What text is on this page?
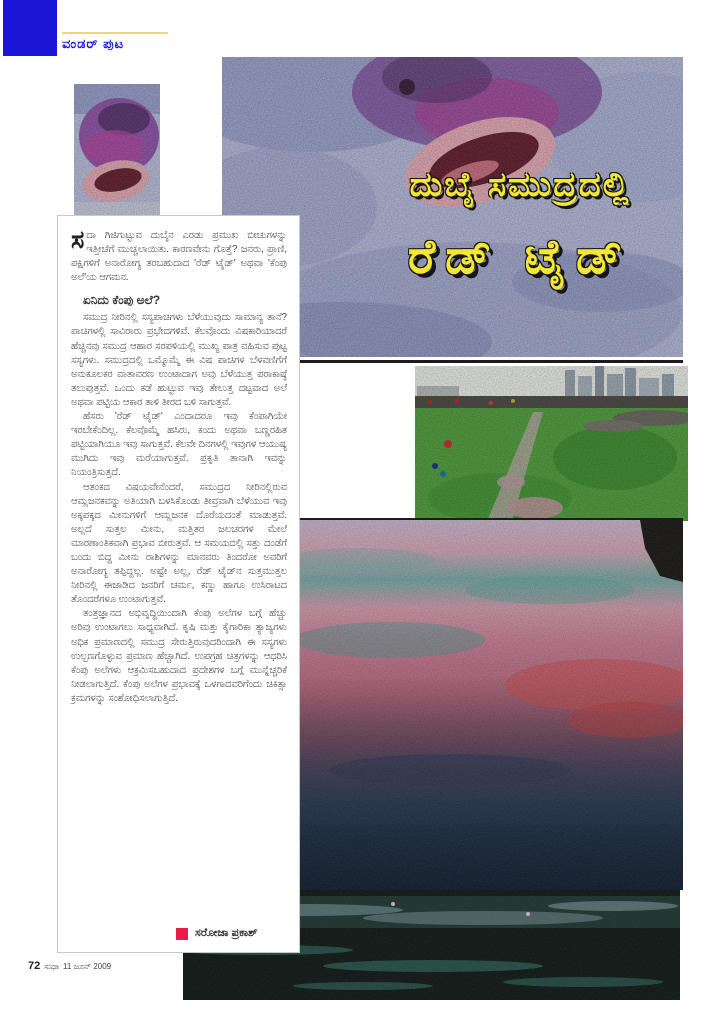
ವಂಡರ್ ಪುಟ
ದುಬೈ ಸಮುದ್ರದಲ್ಲಿ
ರೆಡ್ ಟೈಡ್

ಸದಾ ಗಿಜಿಗುಟ್ಟುವ ದುಬೈನ ಎರಡು ಪ್ರಮುಖ ಬೀಚುಗಳನ್ನು ಇತ್ತೀಚೆಗೆ ಮುಚ್ಚಲಾಯಿತು. ಕಾರಣವೇನು ಗೊತ್ತೆ? ಜನರು, ಪ್ರಾಣಿ, ಪಕ್ಷಿಗಳಿಗೆ ಅನಾರೋಗ್ಯ ತರಬಹುದಾದ 'ರೆಡ್ ಟೈಡ್' ಅಥವಾ 'ಕೆಂಪು ಅಲೆ'ಯ ಆಗಮನ.

ಏನಿದು ಕೆಂಪು ಅಲೆ?

ಸಮುದ್ರ ನೀರಿನಲ್ಲಿ ಸಸ್ಯಪಾಚಿಗಳು ಬೆಳೆಯುವುದು ಸಾಮಾನ್ಯ ತಾನೆ? ಪಾಚಿಗಳಲ್ಲಿ ಸಾವಿರಾರು ಪ್ರಭೇದಗಳಿವೆ. ಕೆಲವೊಂದು ವಿಷಕಾರಿಯಾದರೆ ಹೆಚ್ಚಿನವು ಸಮುದ್ರ ಆಹಾರ ಸರಪಳಿಯಲ್ಲಿ ಮುಖ್ಯ ಪಾತ್ರ ವಹಿಸುವ ಪುಟ್ಟ ಸಸ್ಯಗಳು. ಸಮುದ್ರದಲ್ಲಿ ಒಮ್ಮೊಮ್ಮೆ ಈ ವಿಷ ಪಾಚಿಗಳ ಬೆಳವಣಿಗೆಗೆ ಅನುಕೂಲಕರ ವಾತಾವರಣ ಉಂಟಾದಾಗ ಅವು ಬೆಳೆಯುತ್ತ ಪರಾಕಾಷ್ಠೆ ತಲುಪುತ್ತವೆ. ಒಂದು ಕಡೆ ಹುಟ್ಟುವ ಇವು ತೇಲುತ್ತ ದಟ್ಟವಾದ ಅಲೆ ಅಥವಾ ಪಟ್ಟಿಯ ಆಕಾರ ತಾಳಿ ತೀರದ ಬಳಿ ಸಾಗುತ್ತವೆ.

ಹೆಸರು 'ರೆಡ್ ಟೈಡ್' ಎಂದಾದರೂ ಇವು ಕೆಂಪಾಗಿಯೇ ಇರಬೇಕೆಂದಿಲ್ಲ. ಕೆಲವೊಮ್ಮೆ ಹಸಿರು, ಕಂದು ಅಥವಾ ಬಣ್ಣರಹಿತ ಪಟ್ಟಿಯಾಗಿಯೂ ಇವು ಸಾಗುತ್ತವೆ. ಕೆಲವೇ ದಿನಗಳಲ್ಲಿ ಇವುಗಳ ಆಯುಷ್ಯ ಮುಗಿದು ಇವು ಮರೆಯಾಗುತ್ತವೆ. ಪ್ರಕೃತಿ ತಾನಾಗಿ ಇವನ್ನು ನಿಯಂತ್ರಿಸುತ್ತದೆ.

ಆತಂಕದ ವಿಷಯವೇನೆಂದರೆ, ಸಮುದ್ರದ ನೀರಿನಲ್ಲಿರುವ ಆಮ್ಲಜನಕವನ್ನು ಅತಿಯಾಗಿ ಬಳಸಿಕೊಂಡು ತೀವ್ರವಾಗಿ ಬೆಳೆಯುವ ಇವು ಅಕ್ಕಪಕ್ಕದ ಮೀನುಗಳಿಗೆ ಆಮ್ಲಜನಕ ದೊರೆಯದಂತೆ ಮಾಡುತ್ತವೆ. ಅಲ್ಲದೆ ಸುತ್ತಲ ಮೀನು, ಮತ್ತಿತರ ಜಲಚರಗಳ ಮೇಲೆ ಮಾರಣಾಂತಿಕವಾಗಿ ಪ್ರಭಾವ ಬೀರುತ್ತವೆ. ಆ ಸಮಯದಲ್ಲಿ ಸತ್ತು ದಂಡೆಗೆ ಬಂದು ಬಿದ್ದ ಮೀನು ರಾಶಿಗಳನ್ನು ಮಾನವರು ತಿಂದರೋ ಅವರಿಗೆ ಅನಾರೋಗ್ಯ ತಪ್ಪಿದ್ದಲ್ಲ. ಅಷ್ಟೇ ಅಲ್ಲ, ರೆಡ್ ಟೈಡ್‌ನ ಸುತ್ತಮುತ್ತಲ ನೀರಿನಲ್ಲಿ ಈಜಾಡಿದ ಜನರಿಗೆ ಚರ್ಮ, ಕಣ್ಣು ಹಾಗೂ ಉಸಿರಾಟದ ತೊಂದರೆಗಳೂ ಉಂಟಾಗುತ್ತವೆ.

ತಂತ್ರಜ್ಞಾನದ ಅಭಿವೃದ್ಧಿಯಿಂದಾಗಿ ಕೆಂಪು ಅಲೆಗಳ ಬಗ್ಗೆ ಹೆಚ್ಚು ಅರಿವು ಉಂಟಾಗಲು ಸಾಧ್ಯವಾಗಿದೆ. ಕೃಷಿ ಮತ್ತು ಕೈಗಾರಿಕಾ ತ್ಯಾಜ್ಯಗಳು ಅಧಿಕ ಪ್ರಮಾಣದಲ್ಲಿ ಸಮುದ್ರ ಸೇರುತ್ತಿರುವುದರಿಂದಾಗಿ ಈ ಸಸ್ಯಗಳು ಉಲ್ಬಣಗೊಳ್ಳುವ ಪ್ರಮಾಣ ಹೆಚ್ಚಾಗಿದೆ. ಉಪಗ್ರಹ ಚಿತ್ರಗಳನ್ನು ಆಧರಿಸಿ ಕೆಂಪು ಅಲೆಗಳು ಆಕ್ರಮಿಸಬಹುದಾದ ಪ್ರದೇಶಗಳ ಬಗ್ಗೆ ಮುನ್ನೆಚ್ಚರಿಕೆ ನೀಡಲಾಗುತ್ತಿದೆ. ಕೆಂಪು ಅಲೆಗಳ ಪ್ರಭಾವಕ್ಕೆ ಒಳಗಾದವರಿಗೆಂದು ಚಿಕಿತ್ಸಾ ಕ್ರಮಗಳನ್ನು ಸಂಶೋಧಿಸಲಾಗುತ್ತಿದೆ.

ಸರೋಜಾ ಪ್ರಕಾಶ್
72 ಸುಧಾ 11 ಜೂನ್ 2009
